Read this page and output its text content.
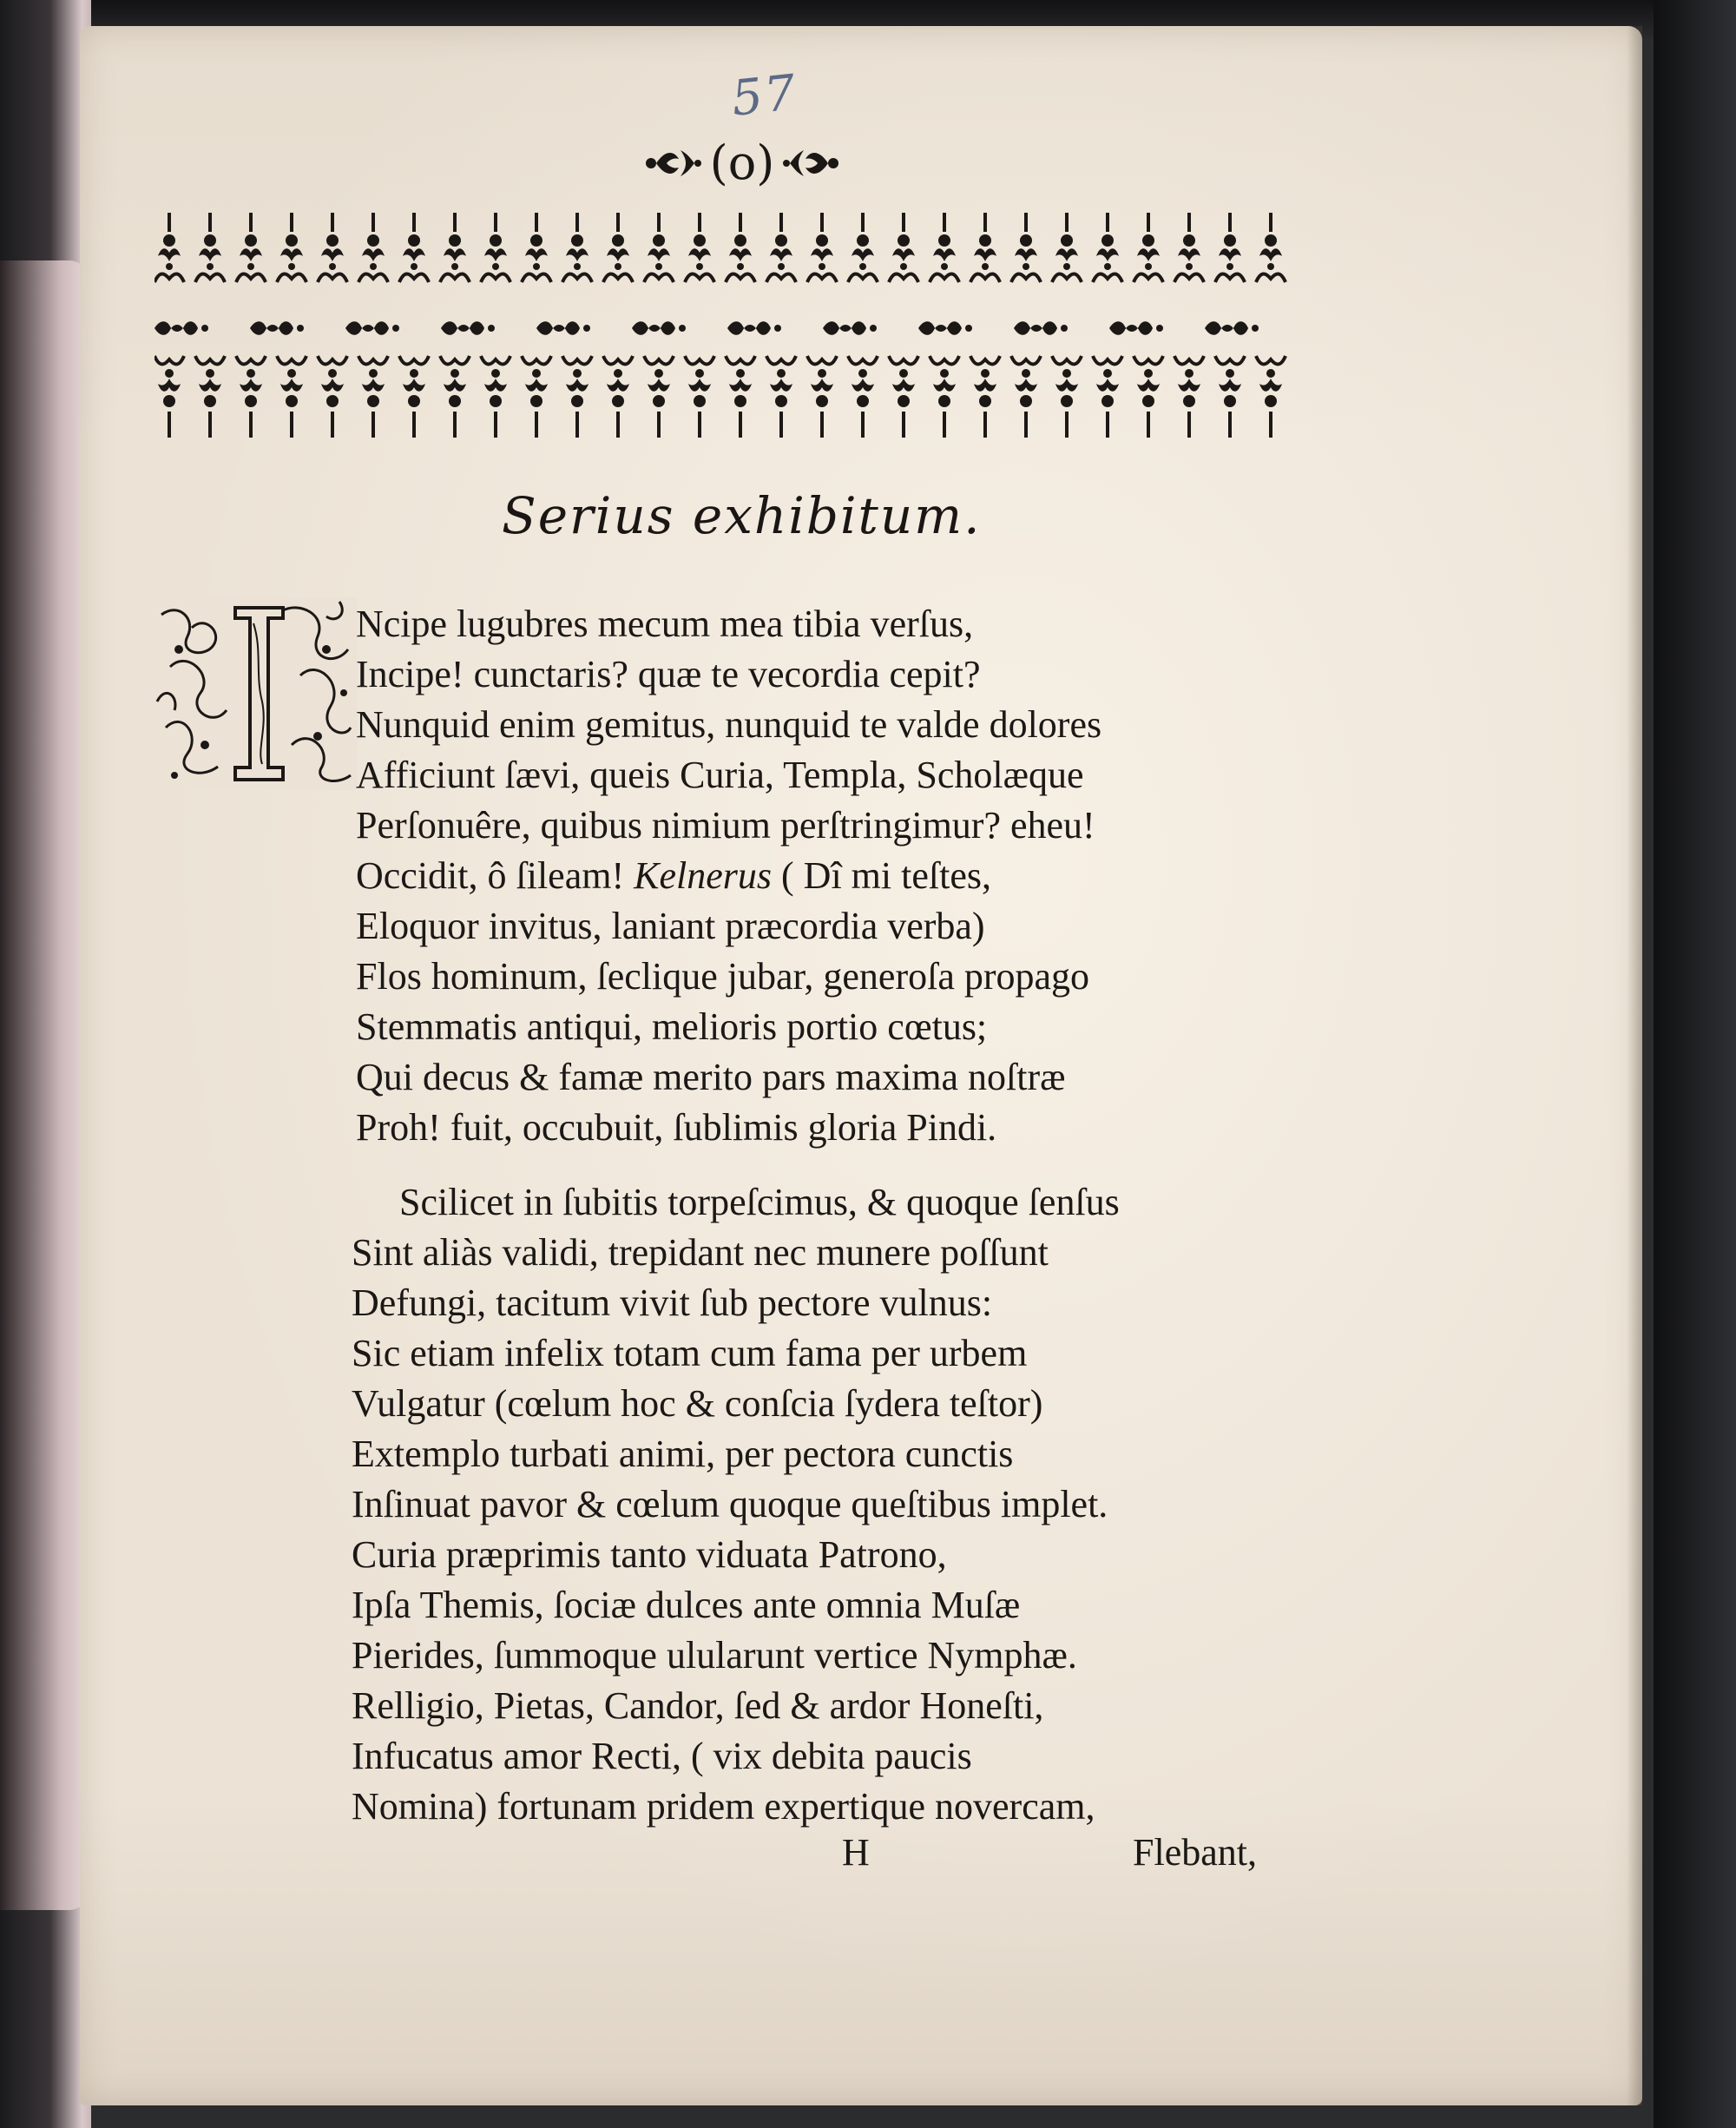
57
(o)
Serius exhibitum.
I
Ncipe lugubres mecum mea tibia verſus,
Incipe! cunctaris? quæ te vecordia cepit?
Nunquid enim gemitus, nunquid te valde dolores
Afficiunt ſævi, queis Curia, Templa, Scholæque
Perſonuêre, quibus nimium perſtringimur? eheu!
Occidit, ô ſileam! Kelnerus ( Dî mi teſtes,
Eloquor invitus, laniant præcordia verba)
Flos hominum, ſeclique jubar, generoſa propago
Stemmatis antiqui, melioris portio cœtus;
Qui decus & famæ merito pars maxima noſtræ
Proh! fuit, occubuit, ſublimis gloria Pindi.
Scilicet in ſubitis torpeſcimus, & quoque ſenſus
Sint aliàs validi, trepidant nec munere poſſunt
Defungi, tacitum vivit ſub pectore vulnus:
Sic etiam infelix totam cum fama per urbem
Vulgatur (cœlum hoc & conſcia ſydera teſtor)
Extemplo turbati animi, per pectora cunctis
Inſinuat pavor & cœlum quoque queſtibus implet.
Curia præprimis tanto viduata Patrono,
Ipſa Themis, ſociæ dulces ante omnia Muſæ
Pierides, ſummoque ulularunt vertice Nymphæ.
Relligio, Pietas, Candor, ſed & ardor Honeſti,
Infucatus amor Recti, ( vix debita paucis
Nomina) fortunam pridem expertique novercam,
H	Flebant,
